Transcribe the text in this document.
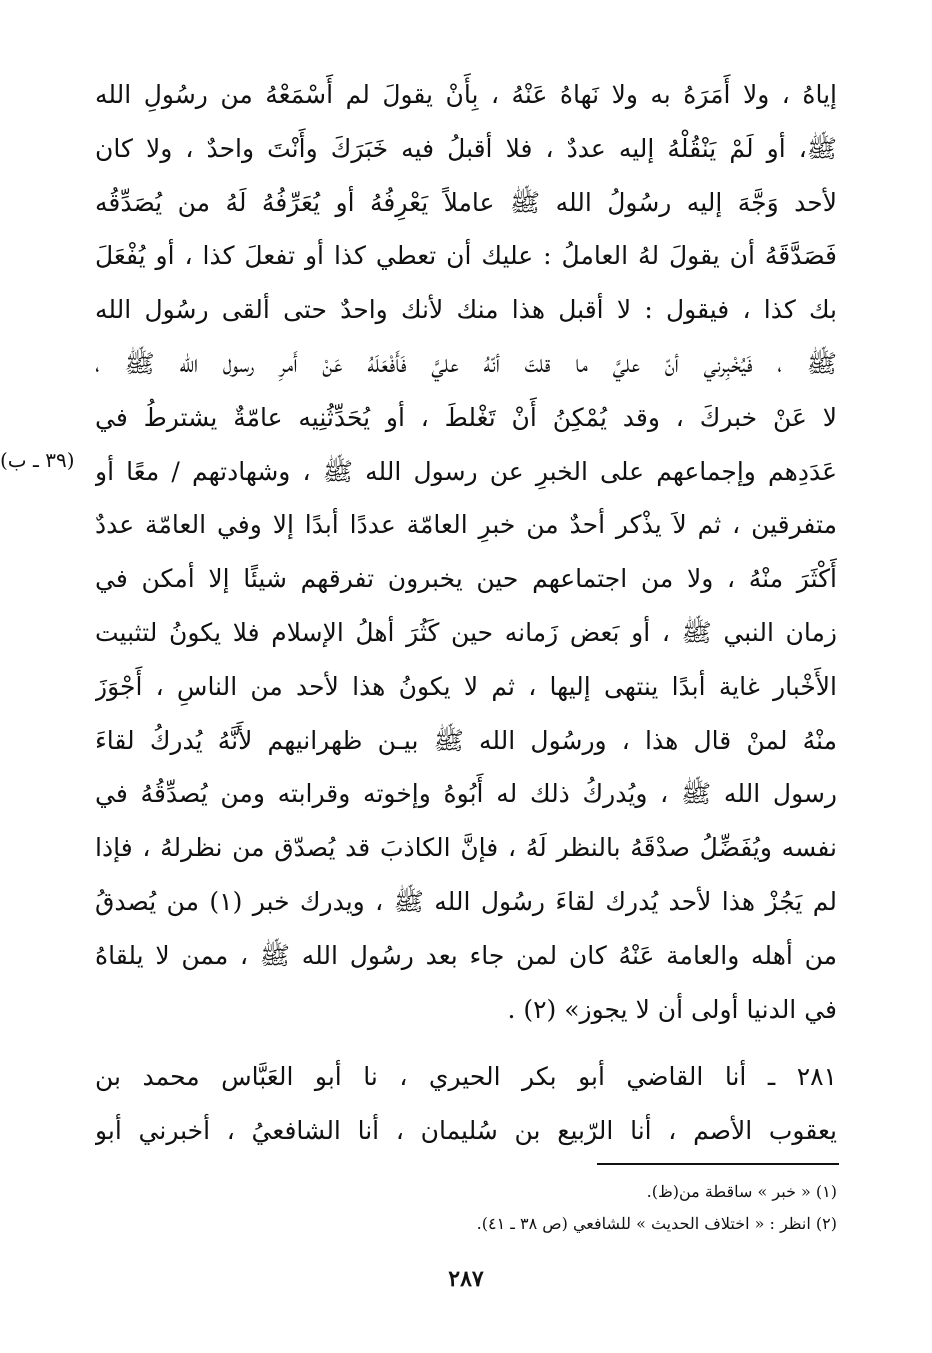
إياهُ ، ولا أَمَرَهُ به ولا نَهاهُ عَنْهُ ، بِأَنْ يقولَ لم أَسْمَعْهُ من رسُولِ الله
ﷺ، أو لَمْ يَنْقُلْهُ إليه عددٌ ، فلا أقبلُ فيه خَبَرَكَ وأَنْتَ واحدٌ ، ولا كان
لأحد وَجَّهَ إليه رسُولُ الله ﷺ عاملاً يَعْرِفُهُ أو يُعَرِّفُهُ لَهُ من يُصَدِّقُه
فَصَدَّقَهُ أن يقولَ لهُ العاملُ : عليك أن تعطي كذا أو تفعلَ كذا ، أو يُفْعَلَ
بك كذا ، فيقول : لا أقبل هذا منك لأنك واحدٌ حتى ألقى رسُول الله
ﷺ ، فَيُخْبِرني أنّ عليَّ ما قلتَ أنّهُ عليَّ فَأَفْعَلَهُ عَنْ أَمرِ رسول الله ﷺ ،
لا عَنْ خبركَ ، وقد يُمْكِنُ أَنْ تَغْلطَ ، أو يُحَدِّثُنِيه عامّةٌ يشترطُ في
عَدَدِهم وإجماعهم على الخبرِ عن رسول الله ﷺ ، وشهادتهم / معًا أو
متفرقين ، ثم لاَ يذْكر أحدٌ من خبرِ العامّة عددًا أبدًا إلا وفي العامّة عددٌ
أَكْثَرَ منْهُ ، ولا من اجتماعهم حين يخبرون تفرقهم شيئًا إلا أمكن في
زمان النبي ﷺ ، أو بَعض زَمانه حين كَثُرَ أهلُ الإسلام فلا يكونُ لتثبيت
الأَخْبار غاية أبدًا ينتهى إليها ، ثم لا يكونُ هذا لأحد من الناسِ ، أَجْوَزَ
منْهُ لمنْ قال هذا ، ورسُول الله ﷺ بيـن ظهرانيهم لأَنَّهُ يُدركُ لقاءَ
رسول الله ﷺ ، ويُدركُ ذلك له أَبُوهُ وإخوته وقرابته ومن يُصدِّقُهُ في
نفسه ويُفَضِّلُ صدْقَهُ بالنظر لَهُ ، فإنَّ الكاذبَ قد يُصدّق من نظرلهُ ، فإذا
لم يَجُزْ هذا لأحد يُدرك لقاءَ رسُول الله ﷺ ، ويدرك خبر (١) من يُصدقُ
من أهله والعامة عَنْهُ كان لمن جاء بعد رسُول الله ﷺ ، ممن لا يلقاهُ
في الدنيا أولى أن لا يجوز» (٢) .
٢٨١ ـ أنا القاضي أبو بكر الحيري ، نا أبو العَبَّاس محمد بن
يعقوب الأصم ، أنا الرّبيع بن سُليمان ، أنا الشافعيُ ، أخبرني أبو
(٣٩ ـ ب)
(١) « خبر » ساقطة من(ظ).
(٢) انظر : « اختلاف الحديث » للشافعي (ص ٣٨ ـ ٤١).
٢٨٧
